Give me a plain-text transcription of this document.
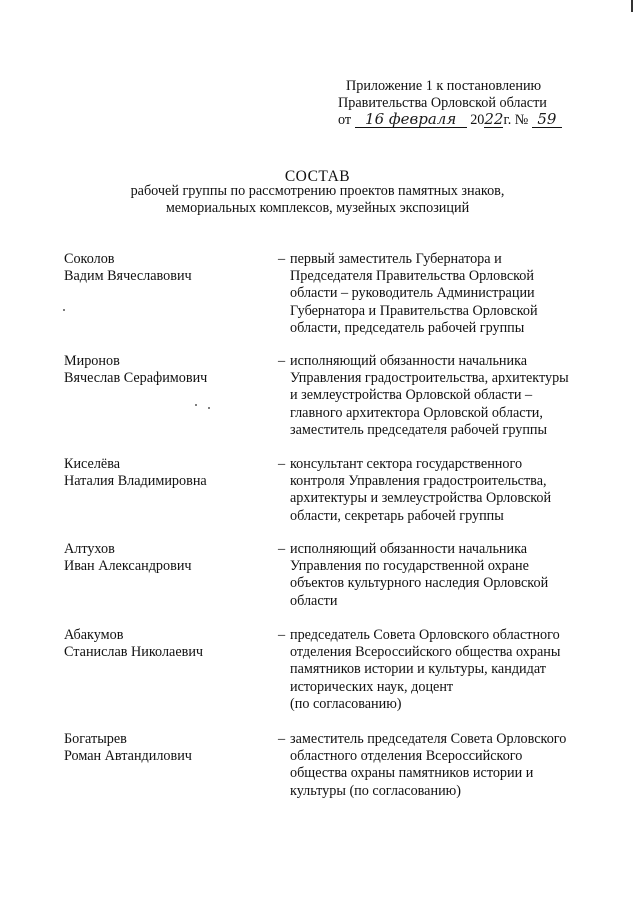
Приложение 1 к постановлению
Правительства Орловской области
от 16 февраля 2022г. № 59
СОСТАВ
рабочей группы по рассмотрению проектов памятных знаков,
мемориальных комплексов, музейных экспозиций
Соколов
Вадим Вячеславович
– первый заместитель Губернатора и
Председателя Правительства Орловской
области – руководитель Администрации
Губернатора и Правительства Орловской
области, председатель рабочей группы
Миронов
Вячеслав Серафимович
– исполняющий обязанности начальника
Управления градостроительства, архитектуры
и землеустройства Орловской области –
главного архитектора Орловской области,
заместитель председателя рабочей группы
Киселёва
Наталия Владимировна
– консультант сектора государственного
контроля Управления градостроительства,
архитектуры и землеустройства Орловской
области, секретарь рабочей группы
Алтухов
Иван Александрович
– исполняющий обязанности начальника
Управления по государственной охране
объектов культурного наследия Орловской
области
Абакумов
Станислав Николаевич
– председатель Совета Орловского областного
отделения Всероссийского общества охраны
памятников истории и культуры, кандидат
исторических наук, доцент
(по согласованию)
Богатырев
Роман Автандилович
– заместитель председателя Совета Орловского
областного отделения Всероссийского
общества охраны памятников истории и
культуры (по согласованию)
